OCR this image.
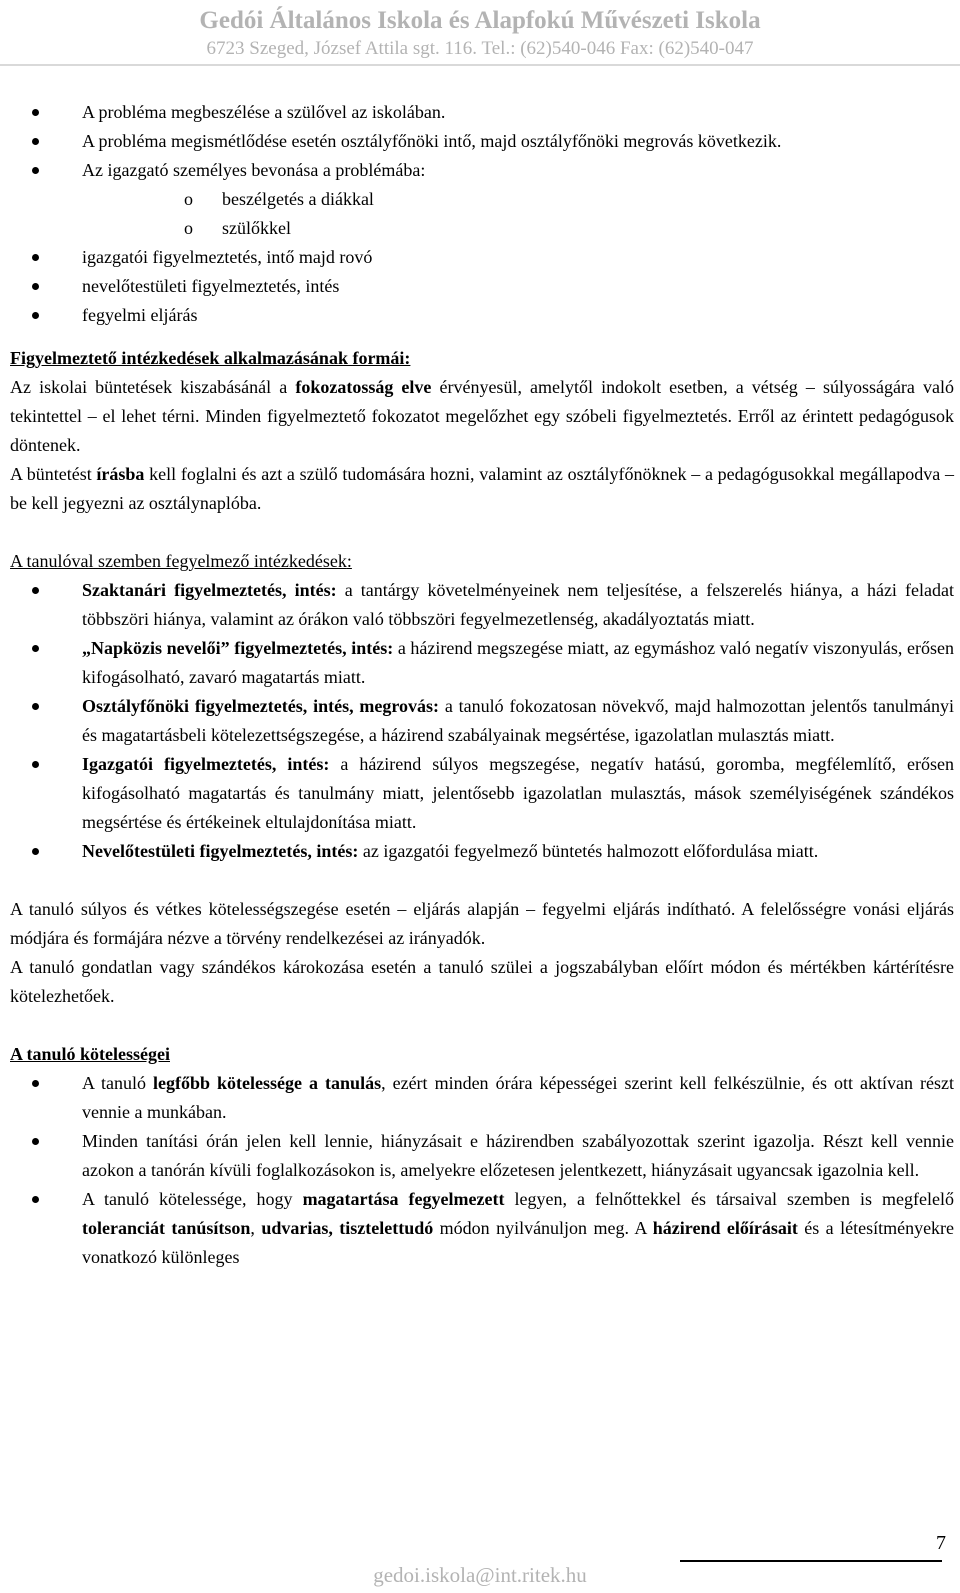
Gedói Általános Iskola és Alapfokú Művészeti Iskola
6723 Szeged, József Attila sgt. 116. Tel.: (62)540-046 Fax: (62)540-047
A probléma megbeszélése a szülővel az iskolában.
A probléma megismétlődése esetén osztályfőnöki intő, majd osztályfőnöki megrovás következik.
Az igazgató személyes bevonása a problémába:
o beszélgetés a diákkal
o szülőkkel
igazgatói figyelmeztetés, intő majd rovó
nevelőtestületi figyelmeztetés, intés
fegyelmi eljárás

Figyelmeztető intézkedések alkalmazásának formái:

Az iskolai büntetések kiszabásánál a fokozatosság elve érvényesül, amelytől indokolt esetben, a vétség – súlyosságára való tekintettel – el lehet térni. Minden figyelmeztető fokozatot megelőzhet egy szóbeli figyelmeztetés. Erről az érintett pedagógusok döntenek.

A büntetést írásba kell foglalni és azt a szülő tudomására hozni, valamint az osztályfőnöknek – a pedagógusokkal megállapodva – be kell jegyezni az osztálynaplóba.

A tanulóval szemben fegyelmező intézkedések:

Szaktanári figyelmeztetés, intés: a tantárgy követelményeinek nem teljesítése, a felszerelés hiánya, a házi feladat többszöri hiánya, valamint az órákon való többszöri fegyelmezetlenség, akadályoztatás miatt.
„Napközis nevelői” figyelmeztetés, intés: a házirend megszegése miatt, az egymáshoz való negatív viszonyulás, erősen kifogásolható, zavaró magatartás miatt.
Osztályfőnöki figyelmeztetés, intés, megrovás: a tanuló fokozatosan növekvő, majd halmozottan jelentős tanulmányi és magatartásbeli kötelezettségszegése, a házirend szabályainak megsértése, igazolatlan mulasztás miatt.
Igazgatói figyelmeztetés, intés: a házirend súlyos megszegése, negatív hatású, goromba, megfélemlítő, erősen kifogásolható magatartás és tanulmány miatt, jelentősebb igazolatlan mulasztás, mások személyiségének szándékos megsértése és értékeinek eltulajdonítása miatt.
Nevelőtestületi figyelmeztetés, intés: az igazgatói fegyelmező büntetés halmozott előfordulása miatt.

A tanuló súlyos és vétkes kötelességszegése esetén – eljárás alapján – fegyelmi eljárás indítható. A felelősségre vonási eljárás módjára és formájára nézve a törvény rendelkezései az irányadók.

A tanuló gondatlan vagy szándékos károkozása esetén a tanuló szülei a jogszabályban előírt módon és mértékben kártérítésre kötelezhetőek.

A tanuló kötelességei

A tanuló legfőbb kötelessége a tanulás, ezért minden órára képességei szerint kell felkészülnie, és ott aktívan részt vennie a munkában.
Minden tanítási órán jelen kell lennie, hiányzásait e házirendben szabályozottak szerint igazolja. Részt kell vennie azokon a tanórán kívüli foglalkozásokon is, amelyekre előzetesen jelentkezett, hiányzásait ugyancsak igazolnia kell.
A tanuló kötelessége, hogy magatartása fegyelmezett legyen, a felnőttekkel és társaival szemben is megfelelő toleranciát tanúsítson, udvarias, tisztelettudó módon nyilvánuljon meg. A házirend előírásait és a létesítményekre vonatkozó különleges
7
gedoi.iskola@int.ritek.hu
